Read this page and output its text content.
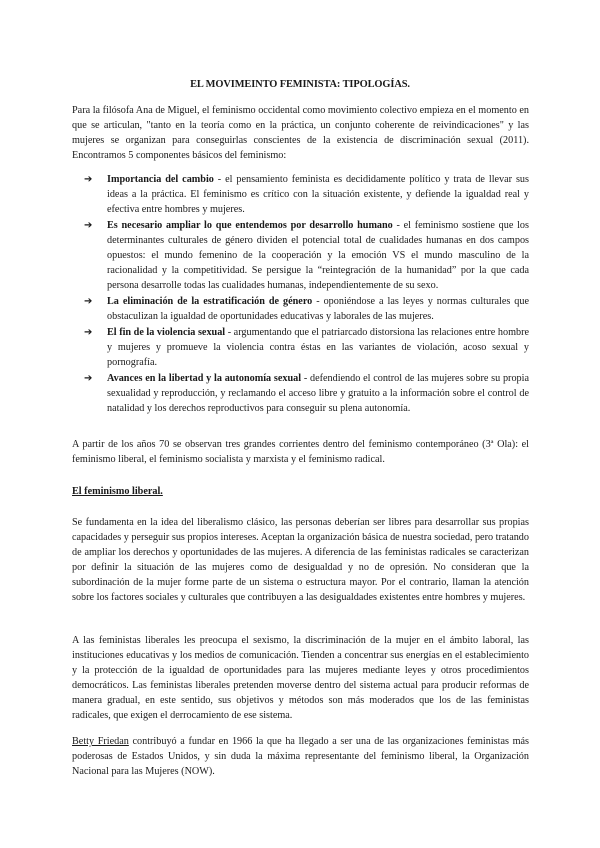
EL MOVIMEINTO FEMINISTA: TIPOLOGÍAS.

Para la filósofa Ana de Miguel, el feminismo occidental como movimiento colectivo empieza en el momento en que se articulan, "tanto en la teoría como en la práctica, un conjunto coherente de reivindicaciones" y las mujeres se organizan para conseguirlas conscientes de la existencia de discriminación sexual (2011). Encontramos 5 componentes básicos del feminismo:

➔ Importancia del cambio - el pensamiento feminista es decididamente político y trata de llevar sus ideas a la práctica. El feminismo es crítico con la situación existente, y defiende la igualdad real y efectiva entre hombres y mujeres.
➔ Es necesario ampliar lo que entendemos por desarrollo humano - el feminismo sostiene que los determinantes culturales de género dividen el potencial total de cualidades humanas en dos campos opuestos: el mundo femenino de la cooperación y la emoción VS el mundo masculino de la racionalidad y la competitividad. Se persigue la “reintegración de la humanidad” por la que cada persona desarrolle todas las cualidades humanas, independientemente de su sexo.
➔ La eliminación de la estratificación de género - oponiéndose a las leyes y normas culturales que obstaculizan la igualdad de oportunidades educativas y laborales de las mujeres.
➔ El fin de la violencia sexual - argumentando que el patriarcado distorsiona las relaciones entre hombre y mujeres y promueve la violencia contra éstas en las variantes de violación, acoso sexual y pornografía.
➔ Avances en la libertad y la autonomía sexual - defendiendo el control de las mujeres sobre su propia sexualidad y reproducción, y reclamando el acceso libre y gratuito a la información sobre el control de natalidad y los derechos reproductivos para conseguir su plena autonomía.

A partir de los años 70 se observan tres grandes corrientes dentro del feminismo contemporáneo (3ª Ola): el feminismo liberal, el feminismo socialista y marxista y el feminismo radical.

El feminismo liberal.

Se fundamenta en la idea del liberalismo clásico, las personas deberían ser libres para desarrollar sus propias capacidades y perseguir sus propios intereses. Aceptan la organización básica de nuestra sociedad, pero tratando de ampliar los derechos y oportunidades de las mujeres. A diferencia de las feministas radicales se caracterizan por definir la situación de las mujeres como de desigualdad y no de opresión. No consideran que la subordinación de la mujer forme parte de un sistema o estructura mayor. Por el contrario, llaman la atención sobre los factores sociales y culturales que contribuyen a las desigualdades existentes entre hombres y mujeres.

A las feministas liberales les preocupa el sexismo, la discriminación de la mujer en el ámbito laboral, las instituciones educativas y los medios de comunicación. Tienden a concentrar sus energías en el establecimiento y la protección de la igualdad de oportunidades para las mujeres mediante leyes y otros procedimientos democráticos. Las feministas liberales pretenden moverse dentro del sistema actual para producir reformas de manera gradual, en este sentido, sus objetivos y métodos son más moderados que los de las feministas radicales, que exigen el derrocamiento de ese sistema.

Betty Friedan contribuyó a fundar en 1966 la que ha llegado a ser una de las organizaciones feministas más poderosas de Estados Unidos, y sin duda la máxima representante del feminismo liberal, la Organización Nacional para las Mujeres (NOW).
